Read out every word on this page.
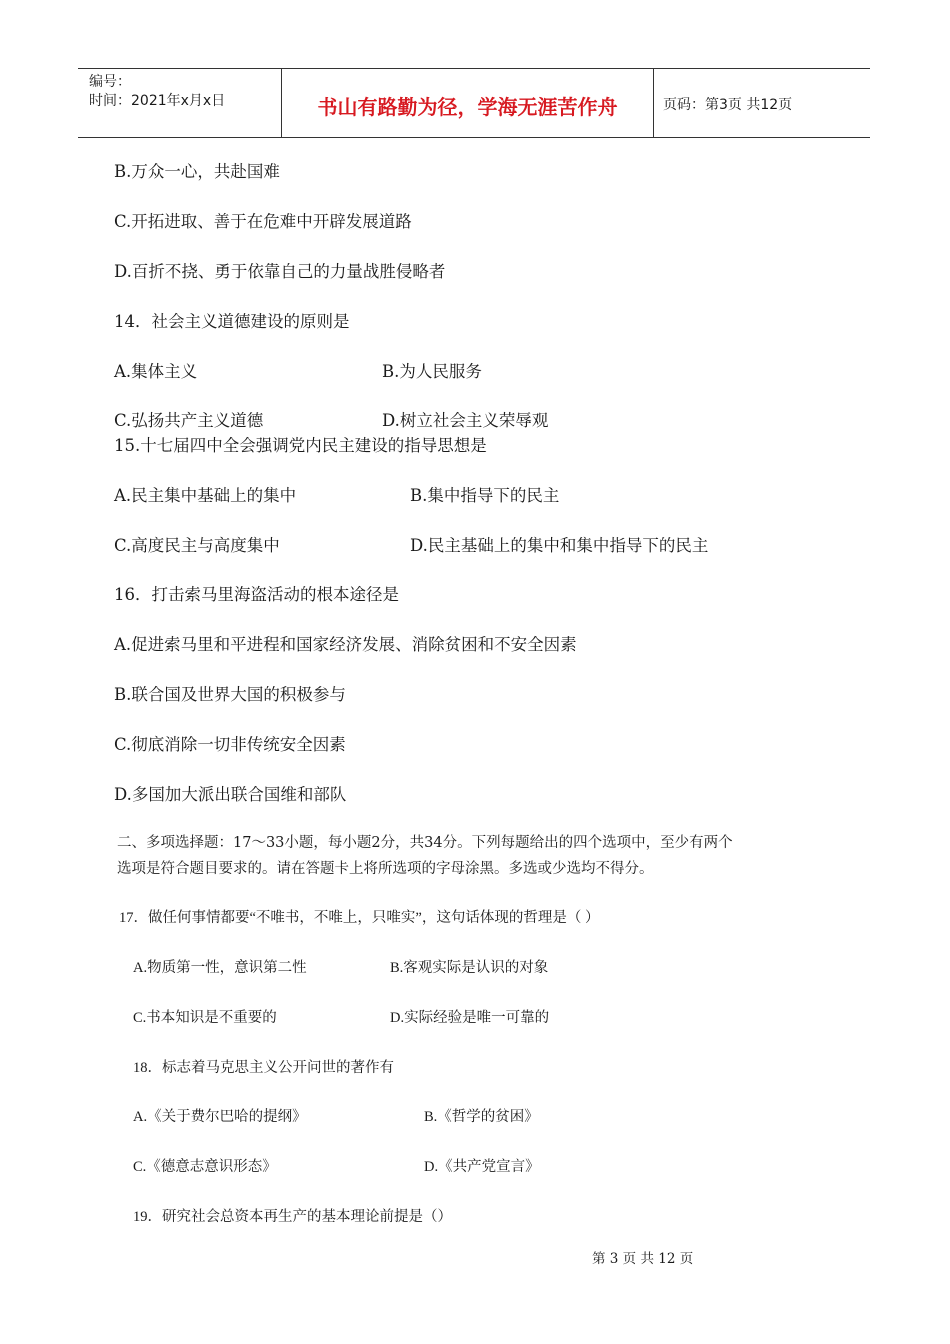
编号：
时间：2021年x月x日	书山有路勤为径，学海无涯苦作舟	页码：第3页 共12页
B.万众一心，共赴国难
C.开拓进取、善于在危难中开辟发展道路
D.百折不挠、勇于依靠自己的力量战胜侵略者
14．社会主义道德建设的原则是
A.集体主义	B.为人民服务
C.弘扬共产主义道德	D.树立社会主义荣辱观
15.十七届四中全会强调党内民主建设的指导思想是
A.民主集中基础上的集中	B.集中指导下的民主
C.高度民主与高度集中	D.民主基础上的集中和集中指导下的民主
16．打击索马里海盗活动的根本途径是
A.促进索马里和平进程和国家经济发展、消除贫困和不安全因素
B.联合国及世界大国的积极参与
C.彻底消除一切非传统安全因素
D.多国加大派出联合国维和部队
二、多项选择题：17～33小题，每小题2分，共34分。下列每题给出的四个选项中，至少有两个
选项是符合题目要求的。请在答题卡上将所选项的字母涂黑。多选或少选均不得分。
17．做任何事情都要“不唯书，不唯上，只唯实”，这句话体现的哲理是（ ）
A.物质第一性，意识第二性	B.客观实际是认识的对象
C.书本知识是不重要的	D.实际经验是唯一可靠的
18．标志着马克思主义公开问世的著作有
A.《关于费尔巴哈的提纲》	B.《哲学的贫困》
C.《德意志意识形态》	D.《共产党宣言》
19．研究社会总资本再生产的基本理论前提是（）
第 3 页 共 12 页
